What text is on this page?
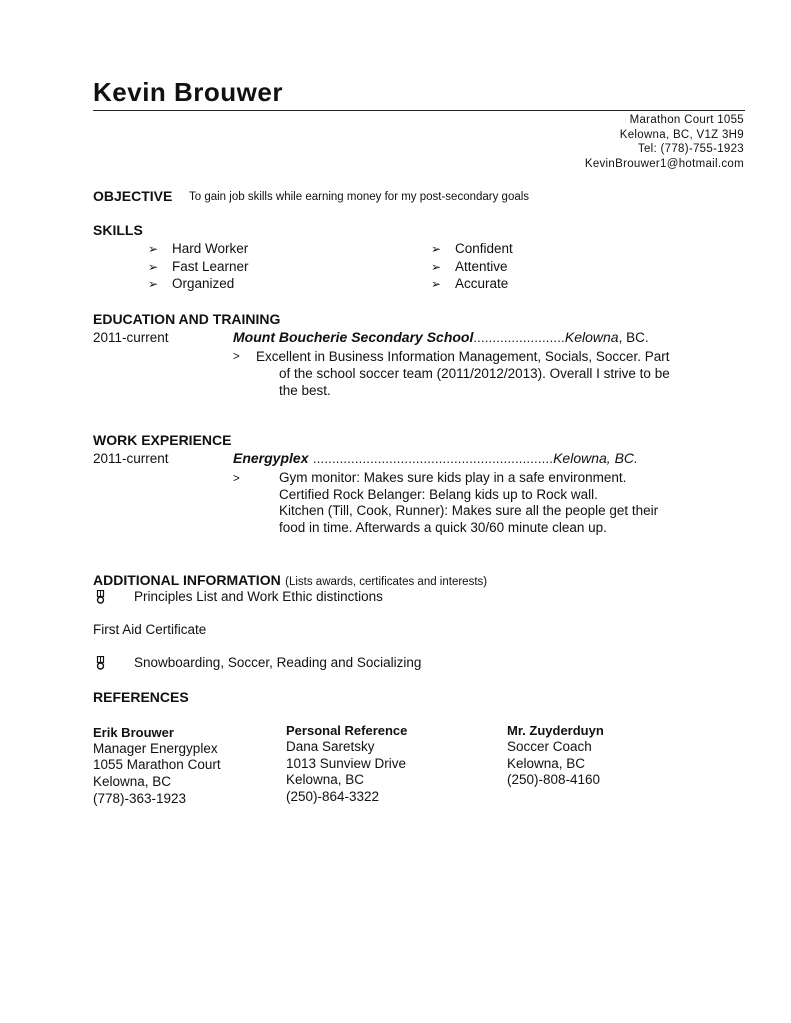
Kevin Brouwer
Marathon Court 1055
Kelowna, BC, V1Z 3H9
Tel: (778)-755-1923
KevinBrouwer1@hotmail.com
OBJECTIVE To gain job skills while earning money for my post-secondary goals
SKILLS
➢ Hard Worker
➢ Fast Learner
➢ Organized
➢ Confident
➢ Attentive
➢ Accurate
EDUCATION AND TRAINING
2011-current	Mount Boucherie Secondary School........................Kelowna, BC.
> Excellent in Business Information Management, Socials, Soccer. Part
of the school soccer team (2011/2012/2013). Overall I strive to be
the best.
WORK EXPERIENCE
2011-current	Energyplex ...............................................................Kelowna, BC.
>	Gym monitor: Makes sure kids play in a safe environment.
Certified Rock Belanger: Belang kids up to Rock wall.
Kitchen (Till, Cook, Runner): Makes sure all the people get their
food in time. Afterwards a quick 30/60 minute clean up.
ADDITIONAL INFORMATION (Lists awards, certificates and interests)
Principles List and Work Ethic distinctions
First Aid Certificate
Snowboarding, Soccer, Reading and Socializing
REFERENCES
Erik Brouwer
Manager Energyplex
1055 Marathon Court
Kelowna, BC
(778)-363-1923
Personal Reference
Dana Saretsky
1013 Sunview Drive
Kelowna, BC
(250)-864-3322
Mr. Zuyderduyn
Soccer Coach
Kelowna, BC
(250)-808-4160
